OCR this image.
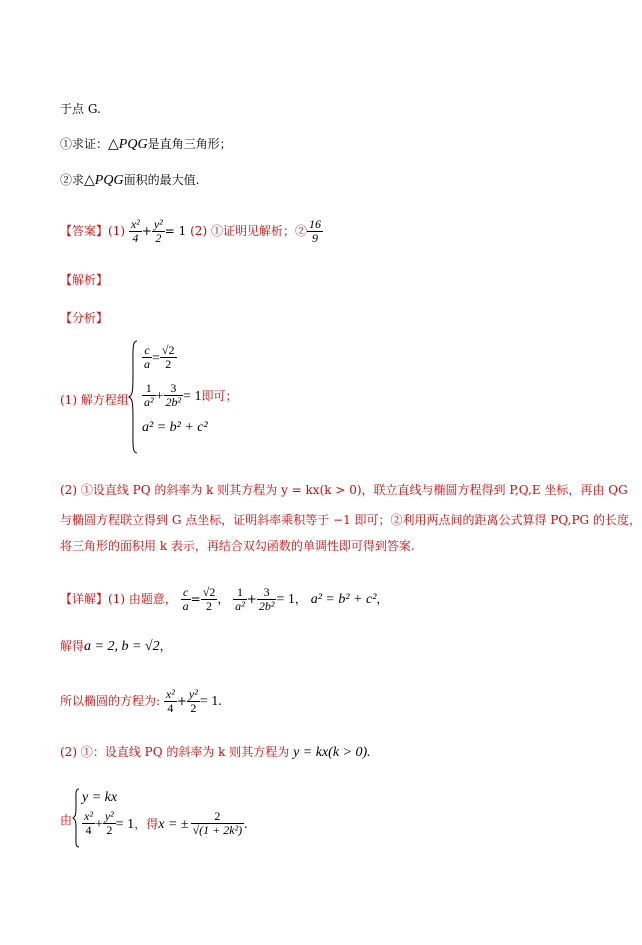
于点 G.
①求证：△PQG是直角三角形；
②求△PQG面积的最大值.
【答案】$(1) \frac{\text{x²}}{4} + \frac{\text{y²}}{2} = 1$ (2) ①证明见解析；② $\frac{16}{9}$
【解析】
【分析】
(1) 解方程组
$\frac{c}{a} = \frac{√2}{2}$
$\frac{1}{\text{a²}} + \frac{3}{\text{2b²}} = 1$即可；
a² = b² + c²
(2) ①设直线 PQ 的斜率为 k 则其方程为 y = kx(k > 0)，联立直线与椭圆方程得到 P,Q,E 坐标，再由 QG
与椭圆方程联立得到 G 点坐标，证明斜率乘积等于 −1 即可；②利用两点间的距离公式算得 PQ,PG 的长度，
将三角形的面积用 k 表示，再结合双勾函数的单调性即可得到答案.
【详解】(1) 由题意， $\frac{c}{a} = \frac{√2}{2}$ ， $\frac{1}{\text{a²}} + \frac{3}{\text{2b²}} = 1$， a² = b² + c²，
解得a = 2, b = √2，
所以椭圆的方程为: $\frac{\text{x²}}{4} + \frac{\text{y²}}{2} = 1$.
(2) ①：设直线 PQ 的斜率为 k 则其方程为 y = kx(k > 0).
由
y = kx
$\frac{\text{x²}}{4} + \frac{\text{y²}}{2} = 1$，得x = ± $\frac{2}{\text{√(1 + 2k²)}}$ .
